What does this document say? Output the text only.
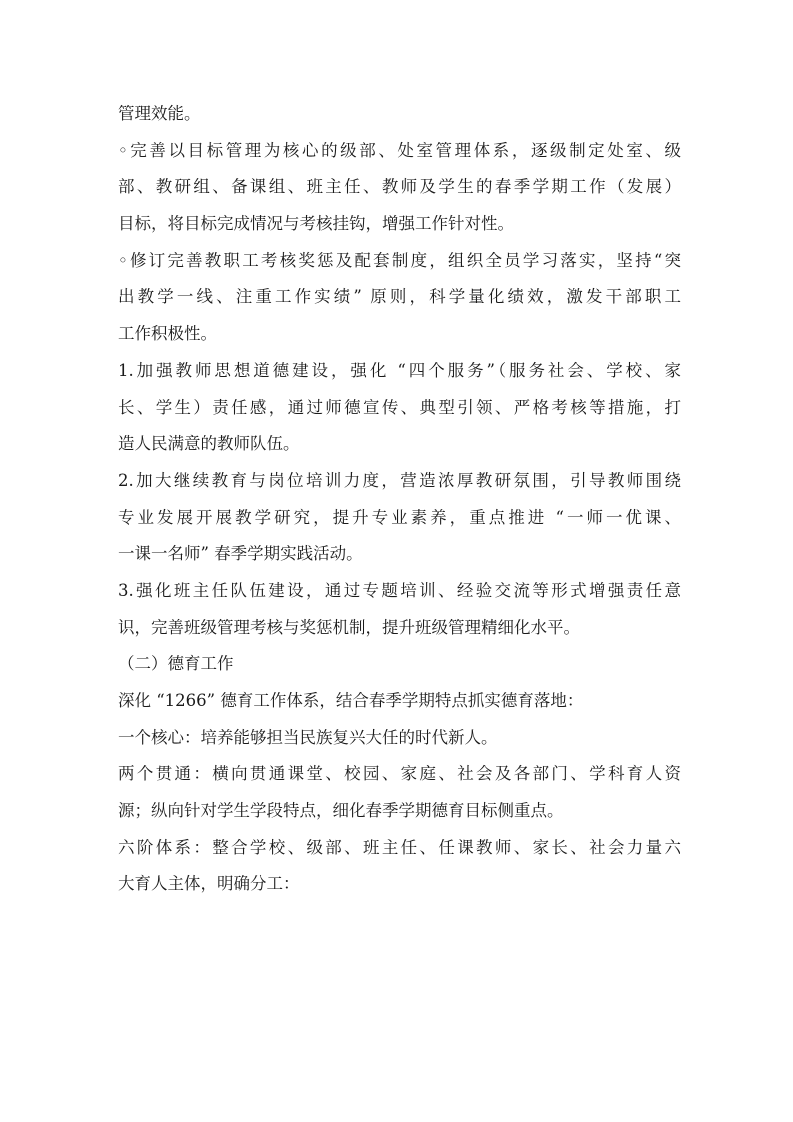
管理效能。
◦完善以目标管理为核心的级部、处室管理体系，逐级制定处室、级
部、教研组、备课组、班主任、教师及学生的春季学期工作（发展）
目标，将目标完成情况与考核挂钩，增强工作针对性。
◦修订完善教职工考核奖惩及配套制度，组织全员学习落实，坚持“突
出教学一线、注重工作实绩” 原则，科学量化绩效，激发干部职工
工作积极性。
1.加强教师思想道德建设，强化 “四个服务”（服务社会、学校、家
长、学生）责任感，通过师德宣传、典型引领、严格考核等措施，打
造人民满意的教师队伍。
2.加大继续教育与岗位培训力度，营造浓厚教研氛围，引导教师围绕
专业发展开展教学研究，提升专业素养，重点推进 “一师一优课、
一课一名师” 春季学期实践活动。
3.强化班主任队伍建设，通过专题培训、经验交流等形式增强责任意
识，完善班级管理考核与奖惩机制，提升班级管理精细化水平。
（二）德育工作
深化 “1266” 德育工作体系，结合春季学期特点抓实德育落地：
一个核心：培养能够担当民族复兴大任的时代新人。
两个贯通：横向贯通课堂、校园、家庭、社会及各部门、学科育人资
源；纵向针对学生学段特点，细化春季学期德育目标侧重点。
六阶体系：整合学校、级部、班主任、任课教师、家长、社会力量六
大育人主体，明确分工：
